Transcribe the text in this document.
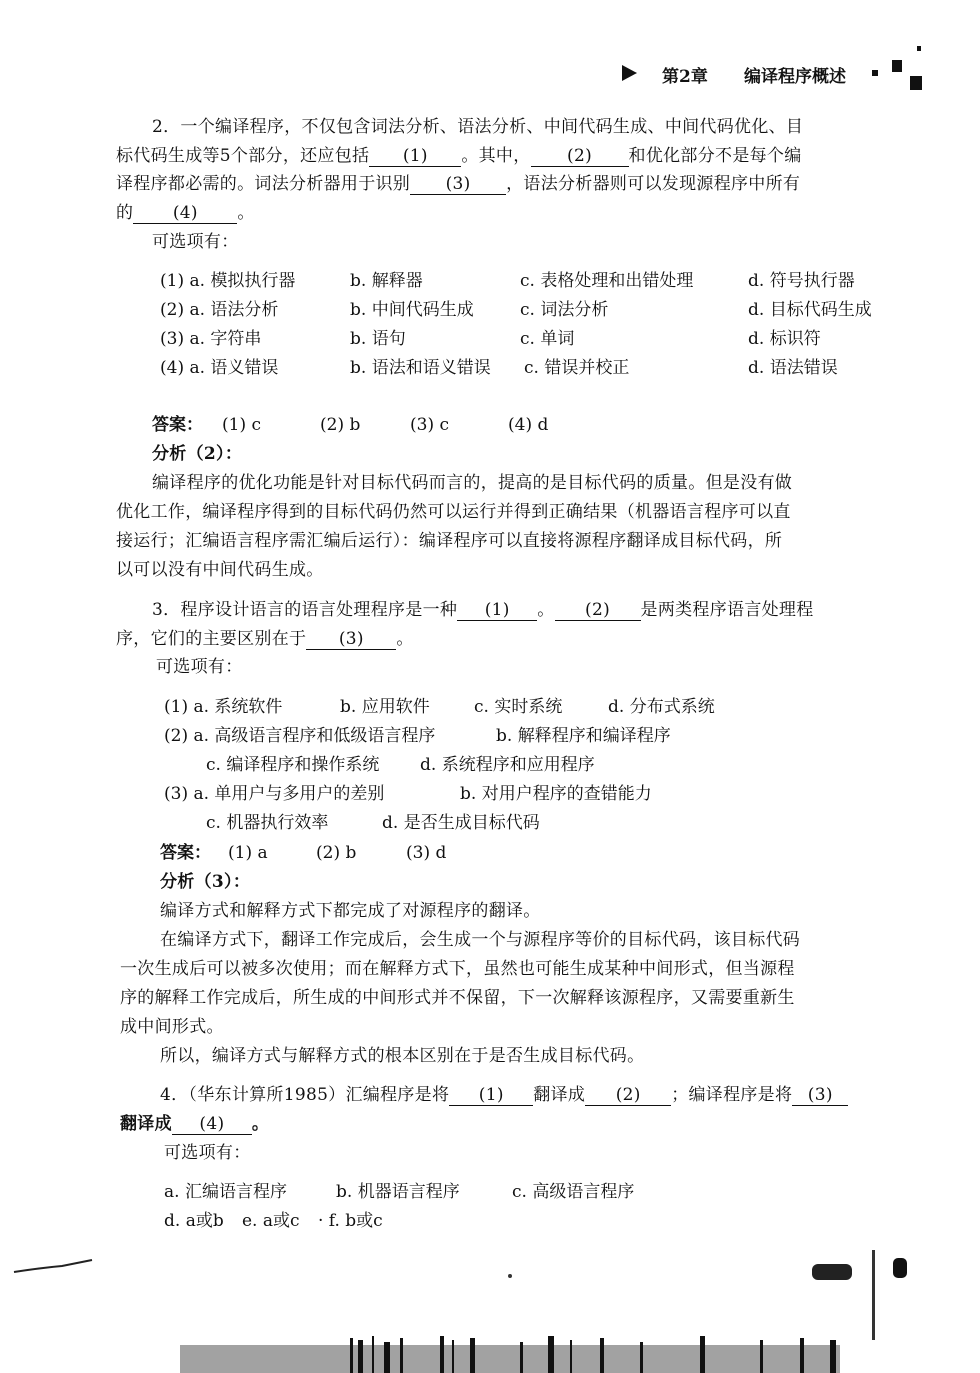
第2章 编译程序概述
2．一个编译程序，不仅包含词法分析、语法分析、中间代码生成、中间代码优化、目
标代码生成等5个部分，还应包括 (1) 。其中， (2) 和优化部分不是每个编
译程序都必需的。词法分析器用于识别 (3) ，语法分析器则可以发现源程序中所有
的 (4) 。
可选项有：
(1) a. 模拟执行器	b. 解释器	c. 表格处理和出错处理	d. 符号执行器
(2) a. 语法分析	b. 中间代码生成	c. 词法分析	d. 目标代码生成
(3) a. 字符串	b. 语句	c. 单词	d. 标识符
(4) a. 语义错误	b. 语法和语义错误 c. 错误并校正	d. 语法错误
答案： (1) c	(2) b	(3) c	(4) d
分析（2）：
编译程序的优化功能是针对目标代码而言的，提高的是目标代码的质量。但是没有做
优化工作，编译程序得到的目标代码仍然可以运行并得到正确结果（机器语言程序可以直
接运行；汇编语言程序需汇编后运行）：编译程序可以直接将源程序翻译成目标代码，所
以可以没有中间代码生成。
3．程序设计语言的语言处理程序是一种 (1) 。 (2) 是两类程序语言处理程
序，它们的主要区别在于 (3) 。
可选项有：
(1) a. 系统软件	b. 应用软件	c. 实时系统	d. 分布式系统
(2) a. 高级语言程序和低级语言程序	b. 解释程序和编译程序
c. 编译程序和操作系统 d. 系统程序和应用程序
(3) a. 单用户与多用户的差别	b. 对用户程序的查错能力
c. 机器执行效率	d. 是否生成目标代码
答案： (1) a	(2) b	(3) d
分析（3）：
编译方式和解释方式下都完成了对源程序的翻译。
在编译方式下，翻译工作完成后，会生成一个与源程序等价的目标代码，该目标代码
一次生成后可以被多次使用；而在解释方式下，虽然也可能生成某种中间形式，但当源程
序的解释工作完成后，所生成的中间形式并不保留，下一次解释该源程序，又需要重新生
成中间形式。
所以，编译方式与解释方式的根本区别在于是否生成目标代码。
4．（华东计算所1985）汇编程序是将 (1) 翻译成 (2) ；编译程序是将 (3)
翻译成 (4) 。
可选项有：
a. 汇编语言程序	b. 机器语言程序	c. 高级语言程序
d. a或b e. a或c · f. b或c
